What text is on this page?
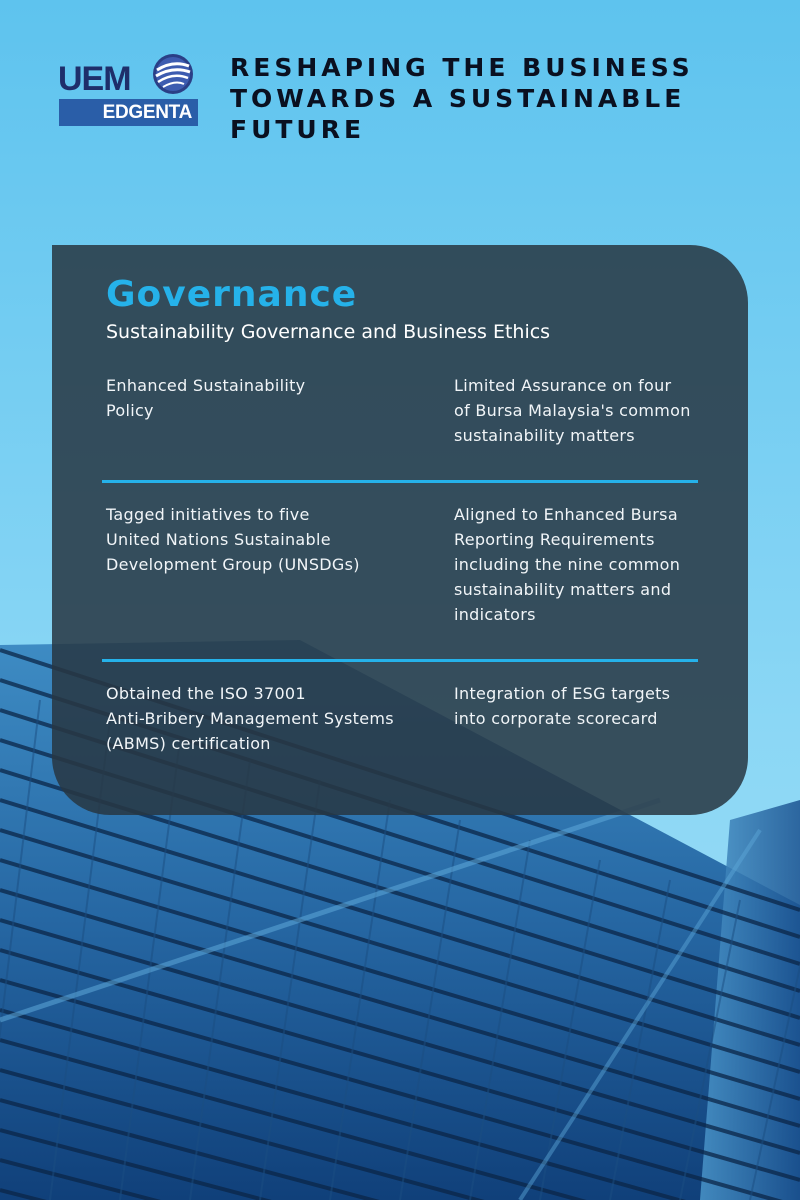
UEM
EDGENTA
RESHAPING THE BUSINESS
TOWARDS A SUSTAINABLE
FUTURE
Governance

Sustainability Governance and Business Ethics

Enhanced Sustainability
Policy
Limited Assurance on four
of Bursa Malaysia's common
sustainability matters
Tagged initiatives to five
United Nations Sustainable
Development Group (UNSDGs)
Aligned to Enhanced Bursa
Reporting Requirements
including the nine common
sustainability matters and
indicators
Obtained the ISO 37001
Anti-Bribery Management Systems
(ABMS) certification
Integration of ESG targets
into corporate scorecard
